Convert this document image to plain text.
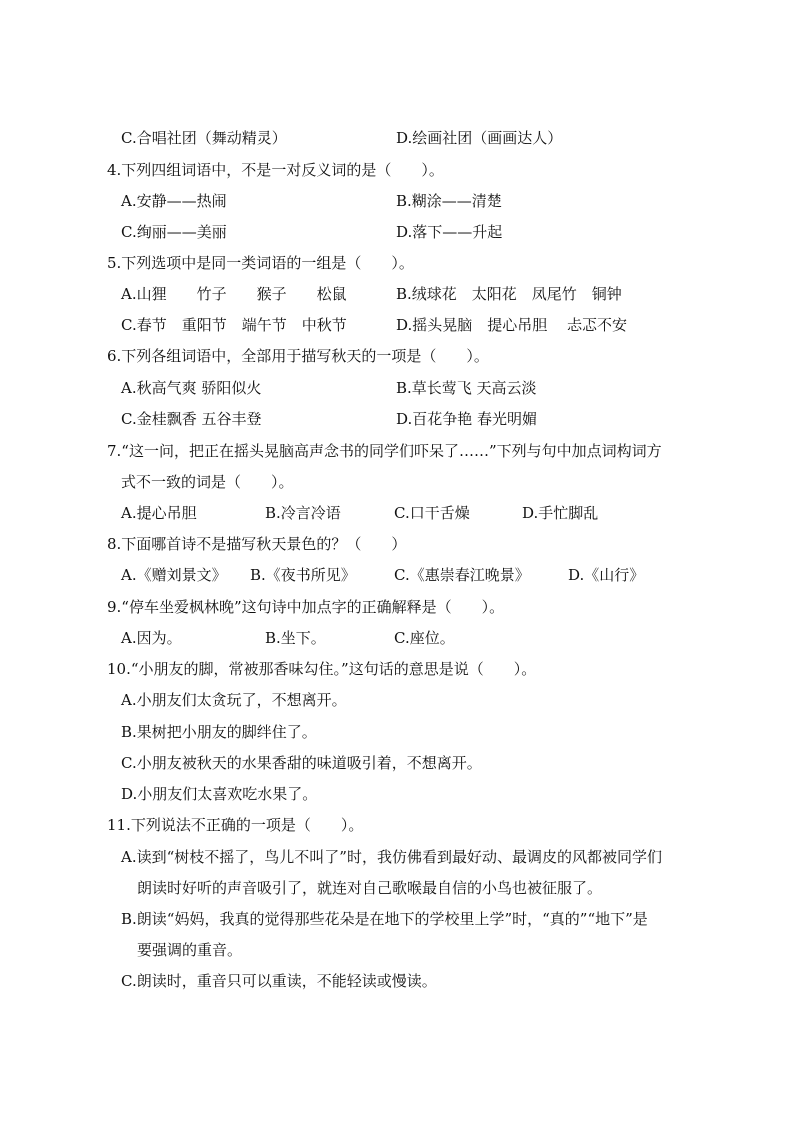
C.合唱社团（舞动精灵）	D.绘画社团（画画达人）
4.下列四组词语中，不是一对反义词的是（　　）。
A.安静——热闹	B.糊涂——清楚
C.绚丽——美丽	D.落下——升起
5.下列选项中是同一类词语的一组是（　　）。
A.山狸　　竹子　　猴子　　松鼠	B.绒球花　太阳花　凤尾竹　铜钟
C.春节　重阳节　端午节　中秋节	D.摇头晃脑　提心吊胆　 忐忑不安
6.下列各组词语中，全部用于描写秋天的一项是（　　）。
A.秋高气爽 骄阳似火	B.草长莺飞 天高云淡
C.金桂飘香 五谷丰登	D.百花争艳 春光明媚
7.“这一问，把正在摇头晃脑高声念书的同学们吓呆了……”下列与句中加点词构词方
式不一致的词是（　　）。
A.提心吊胆	B.冷言冷语	C.口干舌燥	D.手忙脚乱
8.下面哪首诗不是描写秋天景色的？（　　）
A.《赠刘景文》 B.《夜书所见》	C.《惠崇春江晚景》	D.《山行》
9.“停车坐爱枫林晚”这句诗中加点字的正确解释是（　　）。
A.因为。	B.坐下。	C.座位。
10.“小朋友的脚，常被那香味勾住。”这句话的意思是说（　　）。
A.小朋友们太贪玩了，不想离开。
B.果树把小朋友的脚绊住了。
C.小朋友被秋天的水果香甜的味道吸引着，不想离开。
D.小朋友们太喜欢吃水果了。
11.下列说法不正确的一项是（　　）。
A.读到“树枝不摇了，鸟儿不叫了”时，我仿佛看到最好动、最调皮的风都被同学们
朗读时好听的声音吸引了，就连对自己歌喉最自信的小鸟也被征服了。
B.朗读“妈妈，我真的觉得那些花朵是在地下的学校里上学”时，“真的”“地下”是
要强调的重音。
C.朗读时，重音只可以重读，不能轻读或慢读。
